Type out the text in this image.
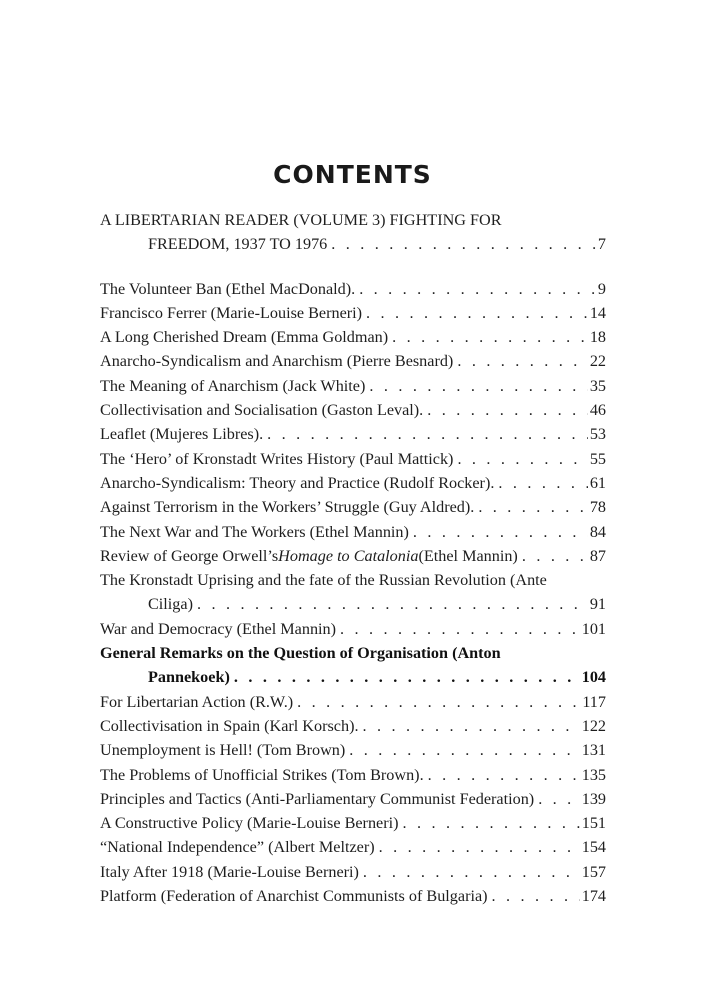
CONTENTS
A LIBERTARIAN READER (VOLUME 3) FIGHTING FOR
FREEDOM, 1937 TO 1976 . . .	7
The Volunteer Ban (Ethel MacDonald). . . .	9
Francisco Ferrer (Marie-Louise Berneri) . . .	14
A Long Cherished Dream (Emma Goldman) . . .	18
Anarcho-Syndicalism and Anarchism (Pierre Besnard) . . .	22
The Meaning of Anarchism (Jack White) . . .	35
Collectivisation and Socialisation (Gaston Leval). . . .	46
Leaflet (Mujeres Libres). . . .	53
The ‘Hero’ of Kronstadt Writes History (Paul Mattick) . . .	55
Anarcho-Syndicalism: Theory and Practice (Rudolf Rocker). . . .	61
Against Terrorism in the Workers’ Struggle (Guy Aldred). . . .	78
The Next War and The Workers (Ethel Mannin) . . .	84
Review of George Orwell’s Homage to Catalonia (Ethel Mannin) . . .	87
The Kronstadt Uprising and the fate of the Russian Revolution (Ante
Ciliga) . . .	91
War and Democracy (Ethel Mannin) . . .	101
General Remarks on the Question of Organisation (Anton
Pannekoek) . . .	104
For Libertarian Action (R.W.) . . .	117
Collectivisation in Spain (Karl Korsch). . . .	122
Unemployment is Hell! (Tom Brown) . . .	131
The Problems of Unofficial Strikes (Tom Brown). . . .	135
Principles and Tactics (Anti-Parliamentary Communist Federation) . . .	139
A Constructive Policy (Marie-Louise Berneri) . . .	151
“National Independence” (Albert Meltzer) . . .	154
Italy After 1918 (Marie-Louise Berneri) . . .	157
Platform (Federation of Anarchist Communists of Bulgaria) . . .	174
